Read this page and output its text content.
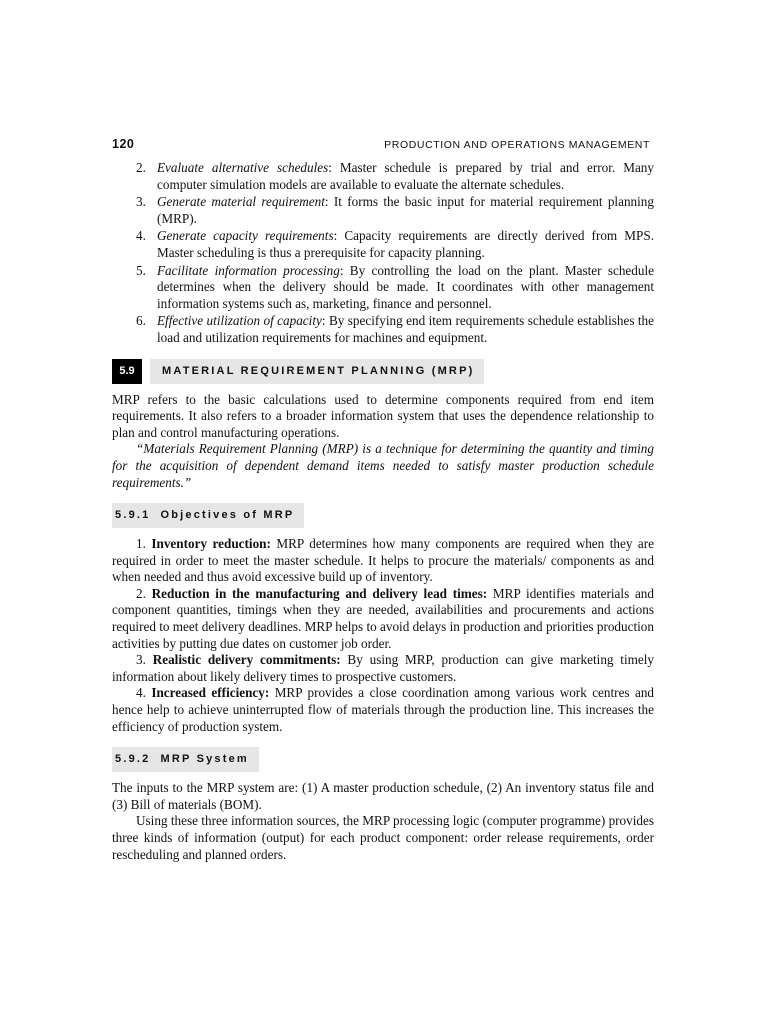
120	PRODUCTION AND OPERATIONS MANAGEMENT
2. Evaluate alternative schedules: Master schedule is prepared by trial and error. Many computer simulation models are available to evaluate the alternate schedules.
3. Generate material requirement: It forms the basic input for material requirement planning (MRP).
4. Generate capacity requirements: Capacity requirements are directly derived from MPS. Master scheduling is thus a prerequisite for capacity planning.
5. Facilitate information processing: By controlling the load on the plant. Master schedule determines when the delivery should be made. It coordinates with other management information systems such as, marketing, finance and personnel.
6. Effective utilization of capacity: By specifying end item requirements schedule establishes the load and utilization requirements for machines and equipment.
5.9	MATERIAL REQUIREMENT PLANNING (MRP)

MRP refers to the basic calculations used to determine components required from end item requirements. It also refers to a broader information system that uses the dependence relationship to plan and control manufacturing operations.

“Materials Requirement Planning (MRP) is a technique for determining the quantity and timing for the acquisition of dependent demand items needed to satisfy master production schedule requirements.”

5.9.1 Objectives of MRP

1. Inventory reduction: MRP determines how many components are required when they are required in order to meet the master schedule. It helps to procure the materials/ components as and when needed and thus avoid excessive build up of inventory.

2. Reduction in the manufacturing and delivery lead times: MRP identifies materials and component quantities, timings when they are needed, availabilities and procurements and actions required to meet delivery deadlines. MRP helps to avoid delays in production and priorities production activities by putting due dates on customer job order.

3. Realistic delivery commitments: By using MRP, production can give marketing timely information about likely delivery times to prospective customers.

4. Increased efficiency: MRP provides a close coordination among various work centres and hence help to achieve uninterrupted flow of materials through the production line. This increases the efficiency of production system.

5.9.2 MRP System

The inputs to the MRP system are: (1) A master production schedule, (2) An inventory status file and (3) Bill of materials (BOM).

Using these three information sources, the MRP processing logic (computer programme) provides three kinds of information (output) for each product component: order release requirements, order rescheduling and planned orders.
